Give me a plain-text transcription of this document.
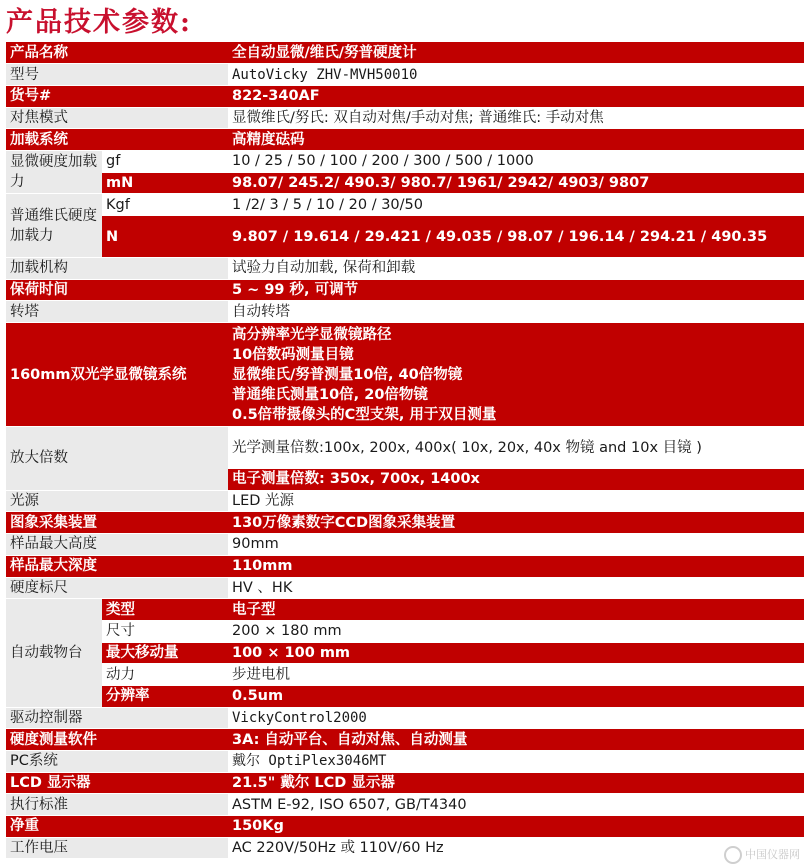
产品技术参数:
产品名称		全自动显微/维氏/努普硬度计
型号		AutoVicky ZHV-MVH50010
货号#		822-340AF
对焦模式		显微维氏/努氏: 双自动对焦/手动对焦; 普通维氏: 手动对焦
加载系统		高精度砝码
显微硬度加载力	gf	10 / 25 / 50 / 100 / 200 / 300 / 500 / 1000
	mN	98.07/ 245.2/ 490.3/ 980.7/ 1961/ 2942/ 4903/ 9807
普通维氏硬度加载力	Kgf	1 /2/ 3 / 5 / 10 / 20 / 30/50
	N	9.807 / 19.614 / 29.421 / 49.035 / 98.07 / 196.14 / 294.21 / 490.35
加载机构		试验力自动加载, 保荷和卸载
保荷时间		5 ~ 99 秒, 可调节
转塔		自动转塔
160mm双光学显微镜系统		高分辨率光学显微镜路径
10倍数码测量目镜
显微维氏/努普测量10倍, 40倍物镜
普通维氏测量10倍, 20倍物镜
0.5倍带摄像头的C型支架, 用于双目测量

放大倍数		光学测量倍数:100x, 200x, 400x( 10x, 20x, 40x 物镜 and 10x 目镜 )
		电子测量倍数: 350x, 700x, 1400x
光源		LED 光源
图象采集装置		130万像素数字CCD图象采集装置
样品最大高度		90mm
样品最大深度		110mm
硬度标尺		HV 、HK
自动载物台	类型	电子型
	尺寸	200 × 180 mm
	最大移动量	100 × 100 mm
	动力	步进电机
	分辨率	0.5um
驱动控制器		VickyControl2000
硬度测量软件		3A: 自动平台、自动对焦、自动测量
PC系统		戴尔 OptiPlex3046MT
LCD 显示器		21.5" 戴尔 LCD 显示器
执行标准		ASTM E-92, ISO 6507, GB/T4340
净重		150Kg
工作电压		AC 220V/50Hz 或 110V/60 Hz	中国仪器网
